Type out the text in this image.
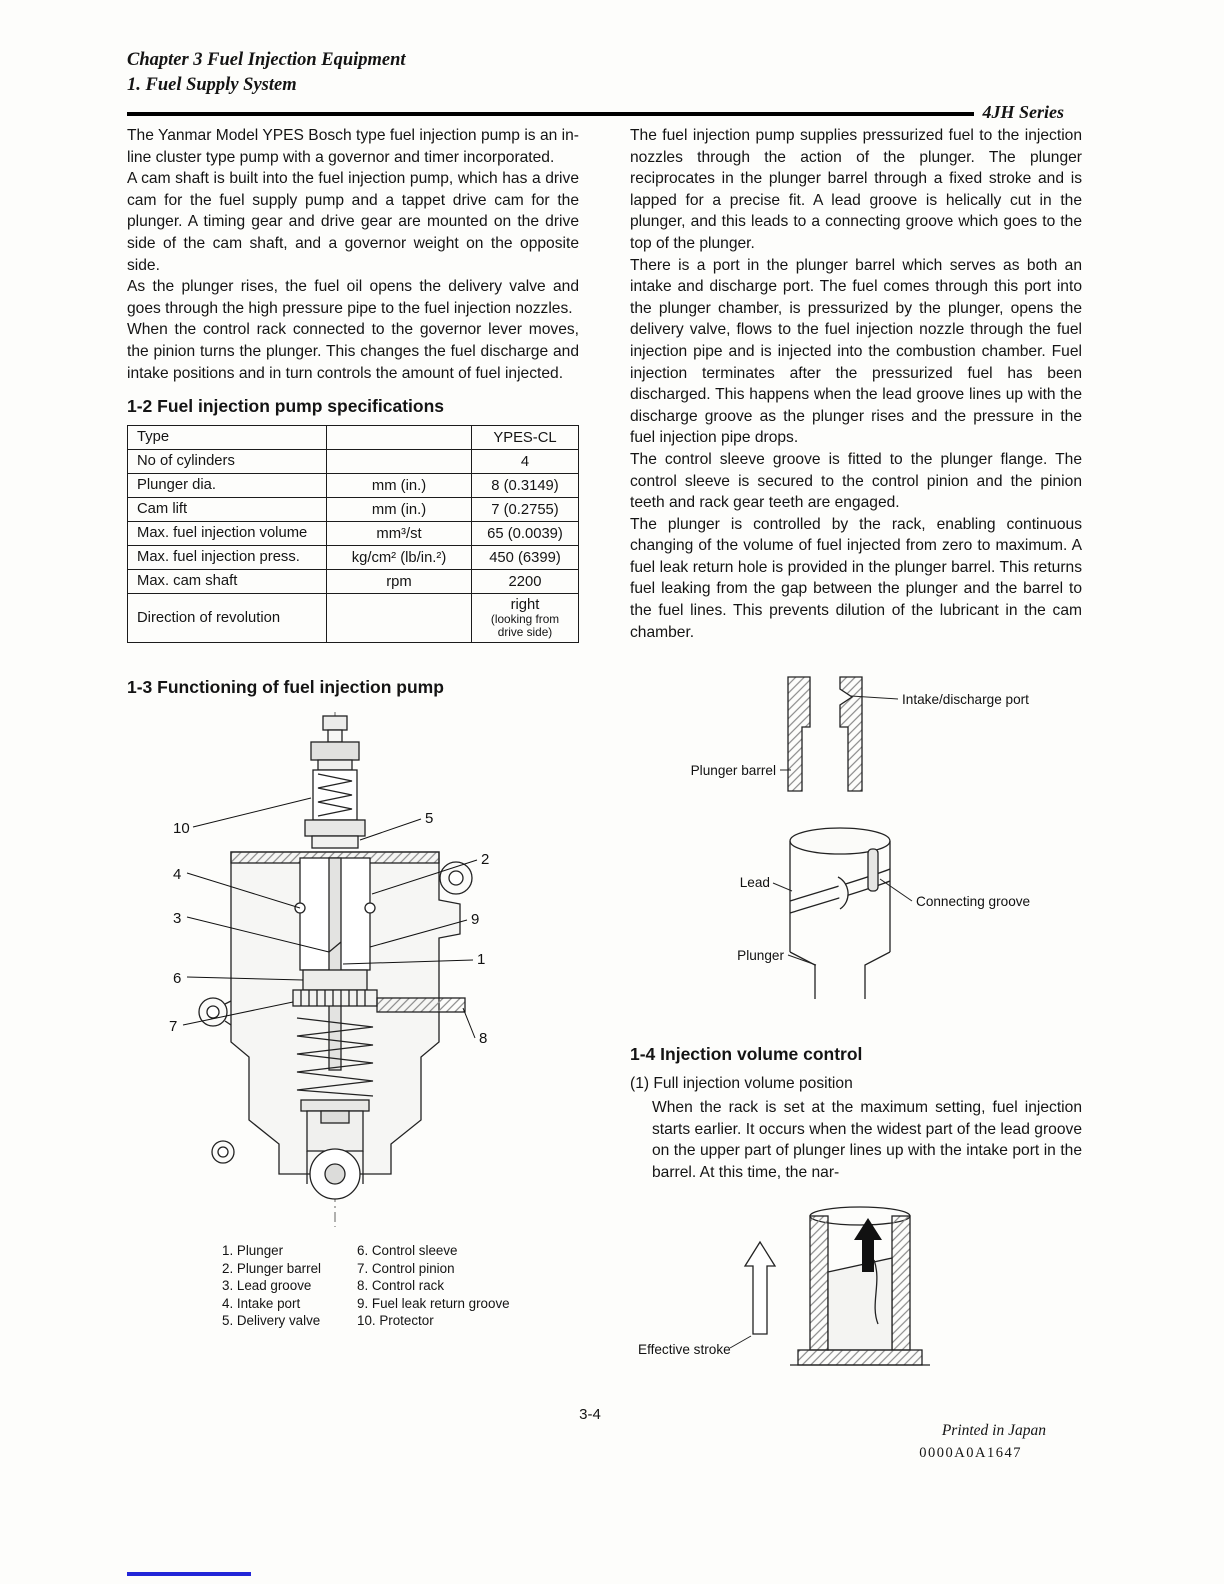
Chapter 3 Fuel Injection Equipment
1. Fuel Supply System
4JH Series

The Yanmar Model YPES Bosch type fuel injection pump is an in-line cluster type pump with a governor and timer incorporated.

A cam shaft is built into the fuel injection pump, which has a drive cam for the fuel supply pump and a tappet drive cam for the plunger. A timing gear and drive gear are mounted on the drive side of the cam shaft, and a governor weight on the opposite side.

As the plunger rises, the fuel oil opens the delivery valve and goes through the high pressure pipe to the fuel injection nozzles.

When the control rack connected to the governor lever moves, the pinion turns the plunger. This changes the fuel discharge and intake positions and in turn controls the amount of fuel injected.

1-2 Fuel injection pump specifications
Type		YPES-CL
No of cylinders		4
Plunger dia.	mm (in.)	8 (0.3149)
Cam lift	mm (in.)	7 (0.2755)
Max. fuel injection volume	mm³/st	65 (0.0039)
Max. fuel injection press.	kg/cm² (lb/in.²)	450 (6399)
Max. cam shaft	rpm	2200
Direction of revolution		right
(looking from drive side)
1-3 Functioning of fuel injection pump
10
4
3
6
7
5
2
9
1
8
1. Plunger
2. Plunger barrel
3. Lead groove
4. Intake port
5. Delivery valve
6. Control sleeve
7. Control pinion
8. Control rack
9. Fuel leak return groove
10. Protector

The fuel injection pump supplies pressurized fuel to the injection nozzles through the action of the plunger. The plunger reciprocates in the plunger barrel through a fixed stroke and is lapped for a precise fit. A lead groove is helically cut in the plunger, and this leads to a connecting groove which goes to the top of the plunger.

There is a port in the plunger barrel which serves as both an intake and discharge port. The fuel comes through this port into the plunger chamber, is pressurized by the plunger, opens the delivery valve, flows to the fuel injection nozzle through the fuel injection pipe and is injected into the combustion chamber. Fuel injection terminates after the pressurized fuel has been discharged. This happens when the lead groove lines up with the discharge groove as the plunger rises and the pressure in the fuel injection pipe drops.

The control sleeve groove is fitted to the plunger flange. The control sleeve is secured to the control pinion and the pinion teeth and rack gear teeth are engaged.

The plunger is controlled by the rack, enabling continuous changing of the volume of fuel injected from zero to maximum. A fuel leak return hole is provided in the plunger barrel. This returns fuel leaking from the gap between the plunger and the barrel to the fuel lines. This prevents dilution of the lubricant in the cam chamber.

Intake/discharge port
Plunger barrel
Lead
Connecting groove
Plunger
1-4 Injection volume control
(1) Full injection volume position

When the rack is set at the maximum setting, fuel injection starts earlier. It occurs when the widest part of the lead groove on the upper part of plunger lines up with the intake port in the barrel. At this time, the nar-

Effective stroke
3-4
Printed in Japan
0000A0A1647
